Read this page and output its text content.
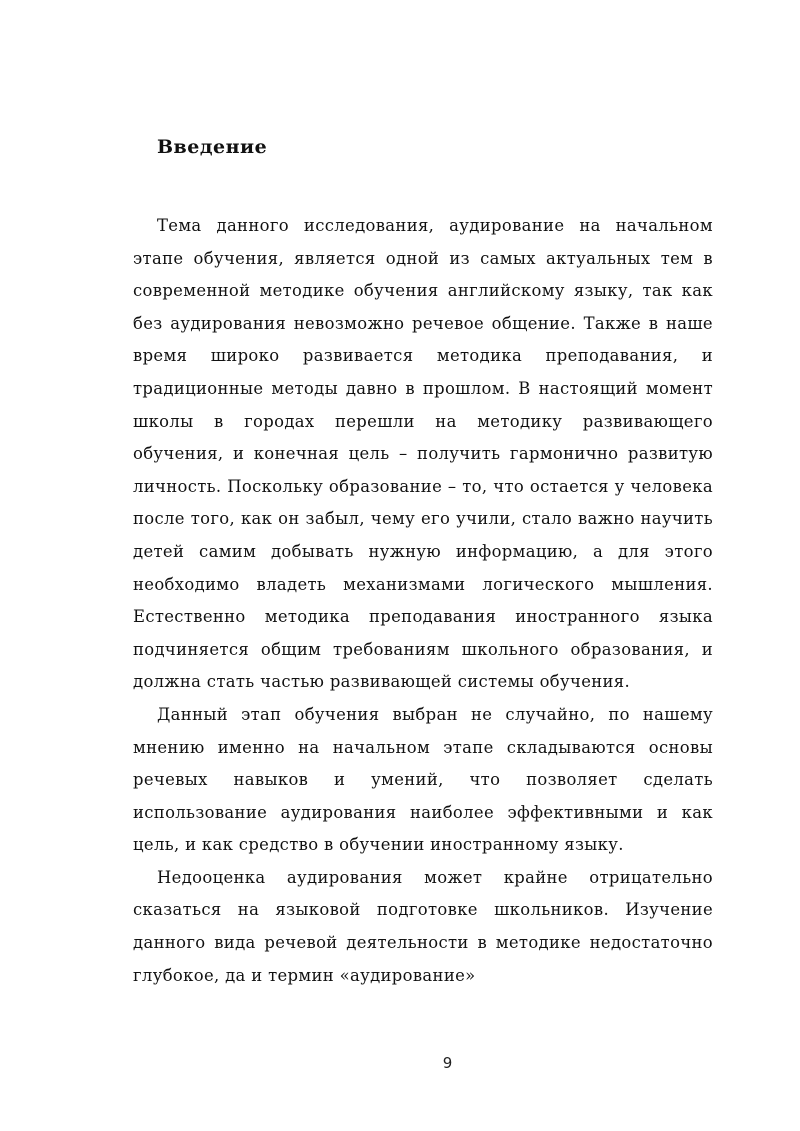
Введение

Тема данного исследования, аудирование на начальном этапе обучения, является одной из самых актуальных тем в современной методике обучения английскому языку, так как без аудирования невозможно речевое общение. Также в наше время широко развивается методика преподавания, и традиционные методы давно в прошлом. В настоящий момент школы в городах перешли на методику развивающего обучения, и конечная цель – получить гармонично развитую личность. Поскольку образование – то, что остается у человека после того, как он забыл, чему его учили, стало важно научить детей самим добывать нужную информацию, а для этого необходимо владеть механизмами логического мышления. Естественно методика преподавания иностранного языка подчиняется общим требованиям школьного образования, и должна стать частью развивающей системы обучения.

Данный этап обучения выбран не случайно, по нашему мнению именно на начальном этапе складываются основы речевых навыков и умений, что позволяет сделать использование аудирования наиболее эффективными и как цель, и как средство в обучении иностранному языку.

Недооценка аудирования может крайне отрицательно сказаться на языковой подготовке школьников. Изучение данного вида речевой деятельности в методике недостаточно глубокое, да и термин «аудирование»

9
